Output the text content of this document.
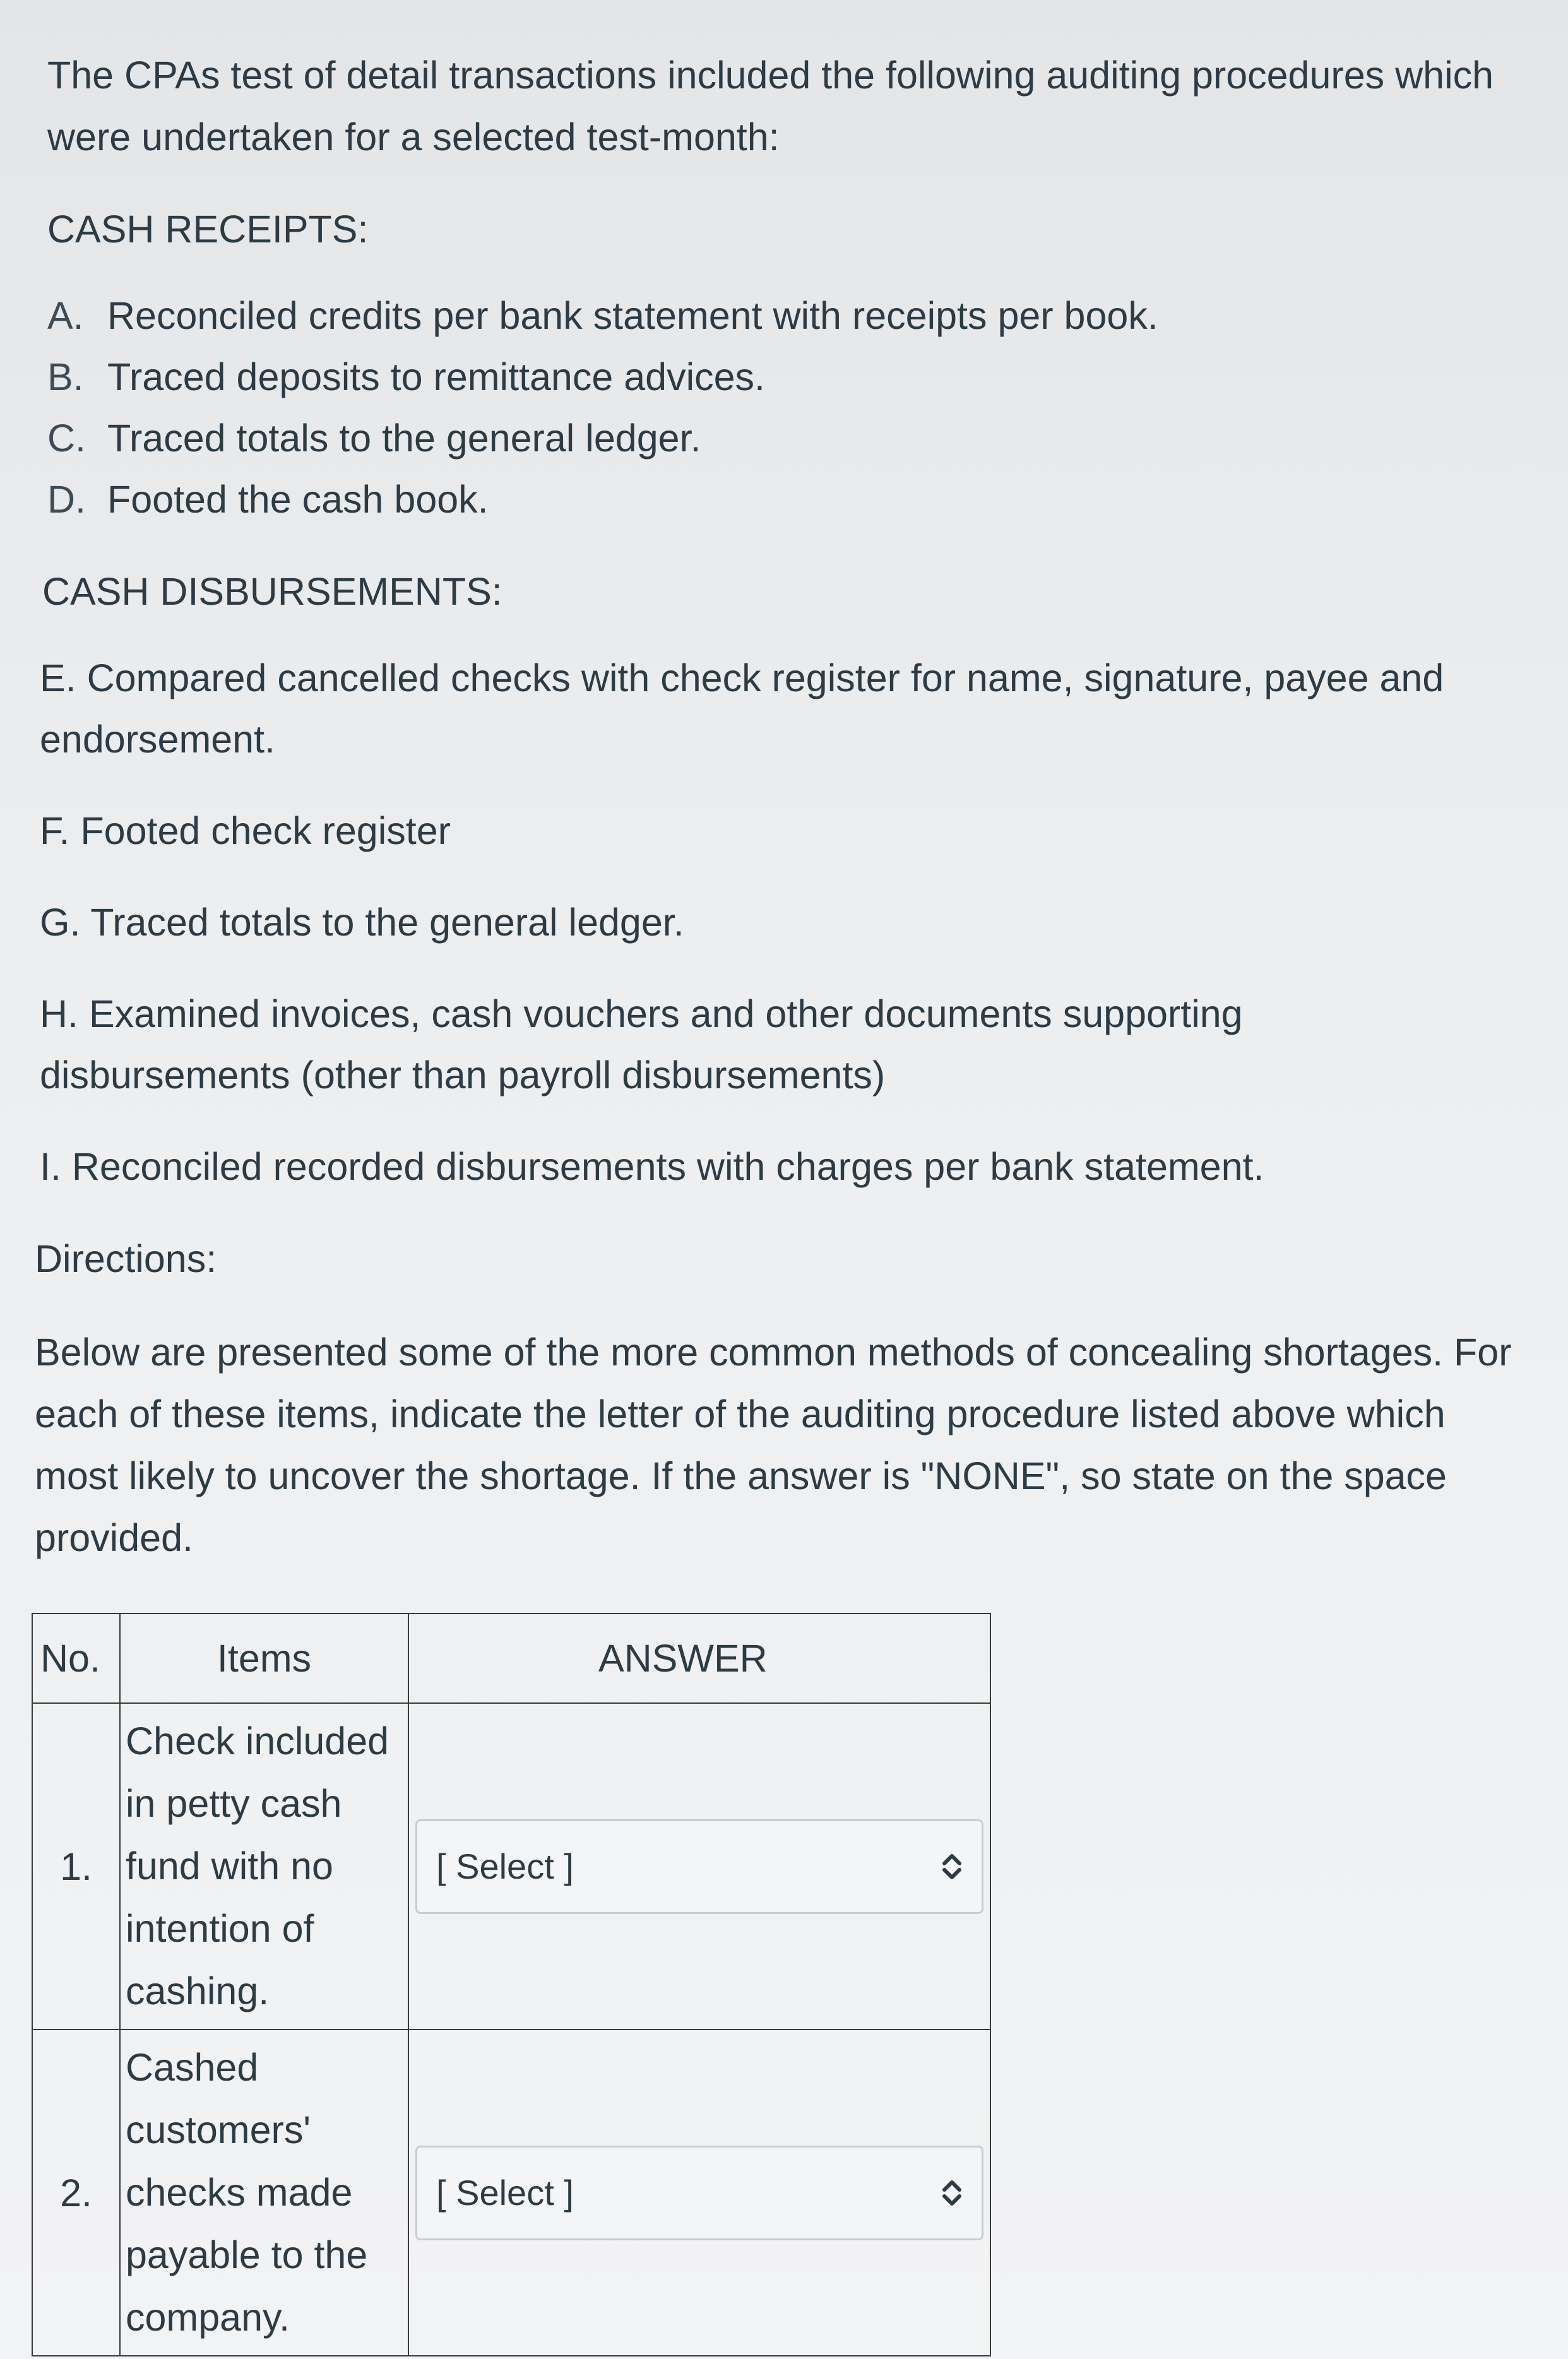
The CPAs test of detail transactions included the following auditing procedures which were undertaken for a selected test-month:

CASH RECEIPTS:
A. Reconciled credits per bank statement with receipts per book.
B. Traced deposits to remittance advices.
C. Traced totals to the general ledger.
D. Footed the cash book.
CASH DISBURSEMENTS:

E. Compared cancelled checks with check register for name, signature, payee and endorsement.

F. Footed check register

G. Traced totals to the general ledger.

H. Examined invoices, cash vouchers and other documents supporting disbursements (other than payroll disbursements)

I. Reconciled recorded disbursements with charges per bank statement.

Directions:

Below are presented some of the more common methods of concealing shortages. For each of these items, indicate the letter of the auditing procedure listed above which most likely to uncover the shortage. If the answer is "NONE", so state on the space provided.

No.	Items	ANSWER
1.	Check included in petty cash fund with no intention of cashing.	[ Select ]

2.	Cashed customers' checks made payable to the company.	[ Select ]
